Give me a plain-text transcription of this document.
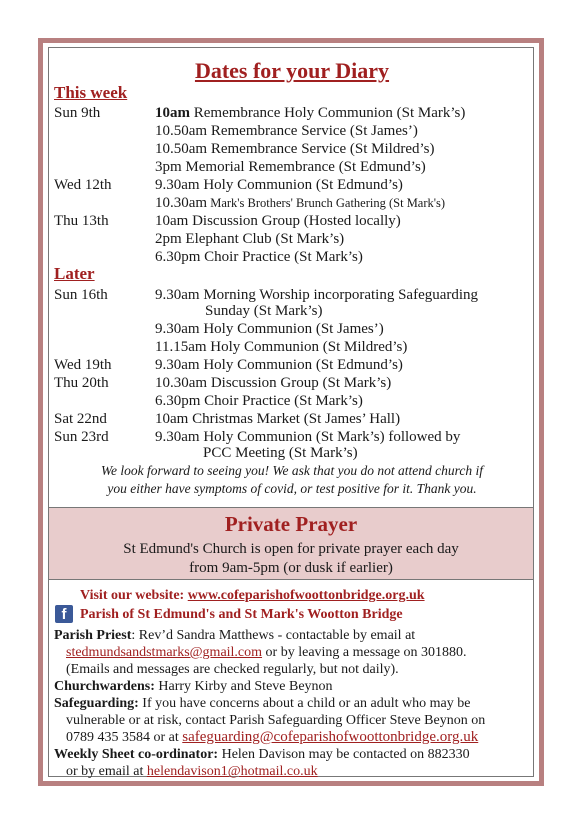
Dates for your Diary
This week
Sun 9th	10am Remembrance Holy Communion (St Mark’s)
10.50am Remembrance Service (St James’)
10.50am Remembrance Service (St Mildred’s)
3pm Memorial Remembrance (St Edmund’s)
Wed 12th	9.30am Holy Communion (St Edmund’s)
10.30am Mark's Brothers' Brunch Gathering (St Mark's)
Thu 13th	10am Discussion Group (Hosted locally)
2pm Elephant Club (St Mark’s)
6.30pm Choir Practice (St Mark’s)
Later
Sun 16th	9.30am Morning Worship incorporating Safeguarding
Sunday (St Mark’s)
9.30am Holy Communion (St James’)
11.15am Holy Communion (St Mildred’s)
Wed 19th	9.30am Holy Communion (St Edmund’s)
Thu 20th	10.30am Discussion Group (St Mark’s)
6.30pm Choir Practice (St Mark’s)
Sat 22nd	10am Christmas Market (St James’ Hall)
Sun 23rd	9.30am Holy Communion (St Mark’s) followed by
PCC Meeting (St Mark’s)
We look forward to seeing you! We ask that you do not attend church if
you either have symptoms of covid, or test positive for it. Thank you.
Private Prayer
St Edmund's Church is open for private prayer each day
from 9am-5pm (or dusk if earlier)
Visit our website: www.cofeparishofwoottonbridge.org.uk
f Parish of St Edmund's and St Mark's Wootton Bridge
Parish Priest: Rev’d Sandra Matthews - contactable by email at
stedmundsandstmarks@gmail.com or by leaving a message on 301880.
(Emails and messages are checked regularly, but not daily).
Churchwardens: Harry Kirby and Steve Beynon
Safeguarding: If you have concerns about a child or an adult who may be
vulnerable or at risk, contact Parish Safeguarding Officer Steve Beynon on
0789 435 3584 or at safeguarding@cofeparishofwoottonbridge.org.uk
Weekly Sheet co-ordinator: Helen Davison may be contacted on 882330
or by email at helendavison1@hotmail.co.uk
